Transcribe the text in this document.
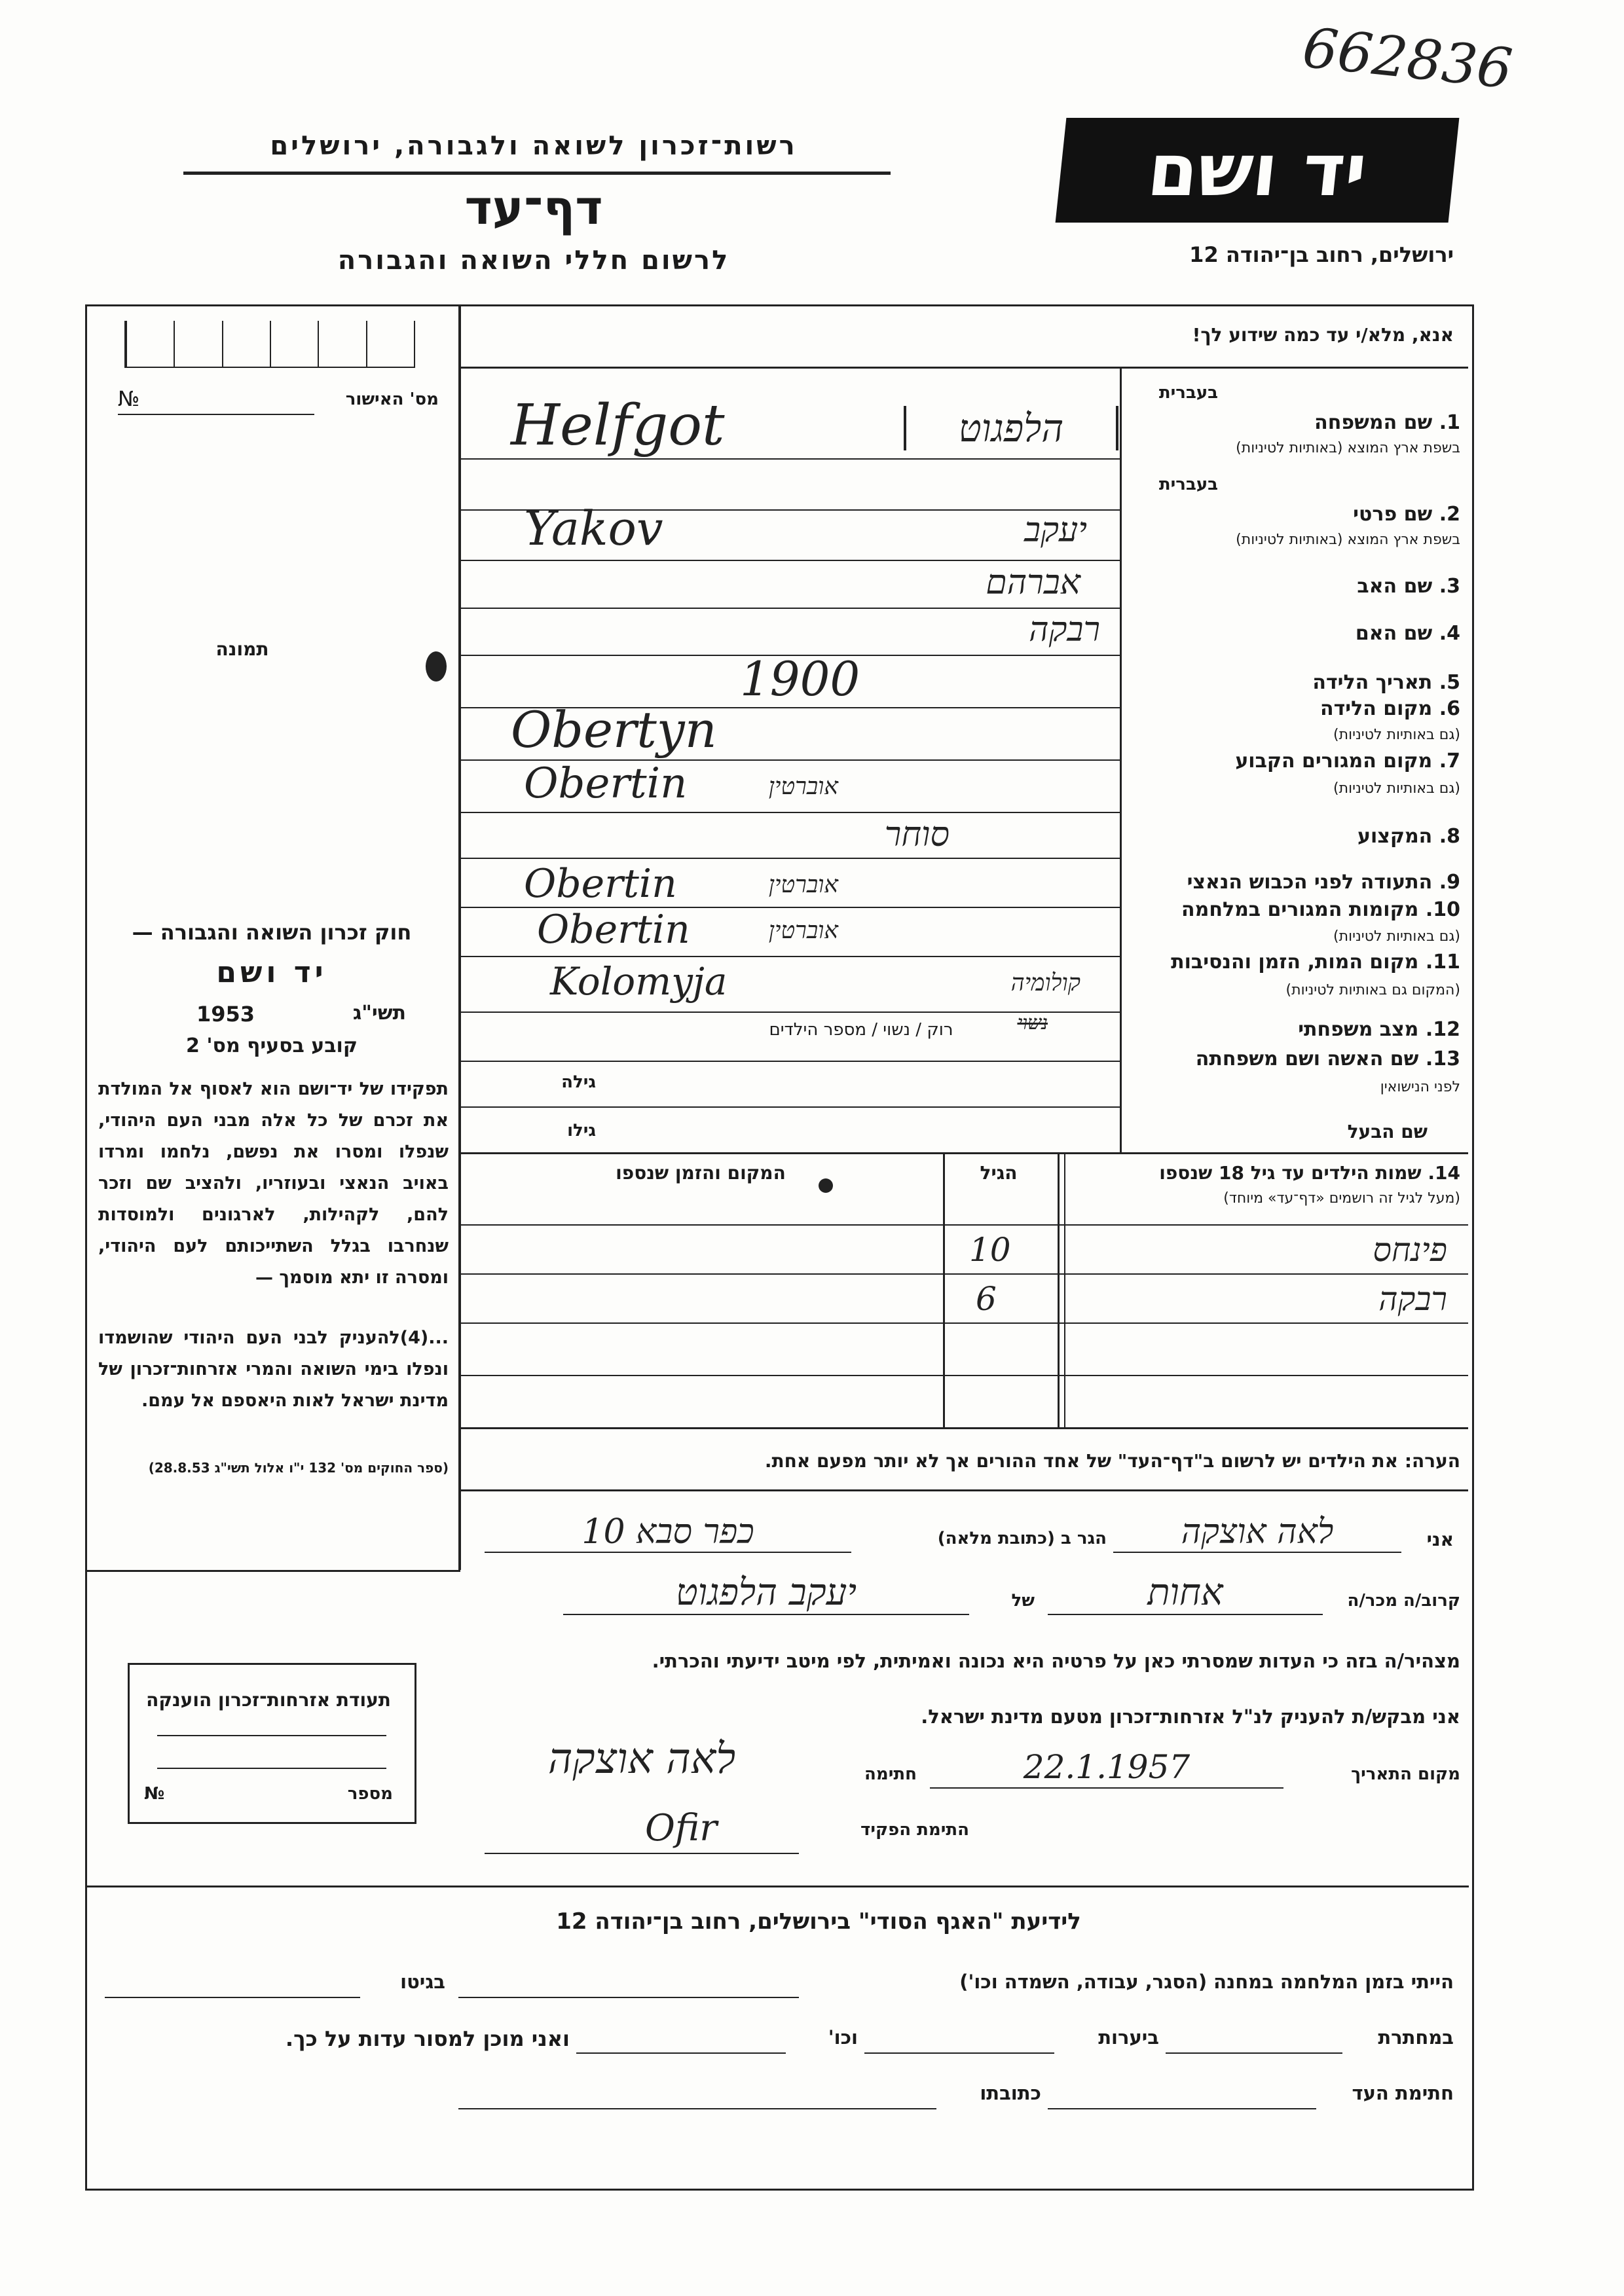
662836
רשות־זכרון לשואה ולגבורה, ירושלים
דף־עד
לרשום חללי השואה והגבורה
יד ושם
ירושלים, רחוב בן־יהודה 12
מס' האישור
№
תמונה
חוק זכרון השואה והגבורה —
יד ושם
תשי"ג
1953
קובע בסעיף מס' 2
תפקידו של יד־ושם הוא לאסוף אל המולדת את זכרם של כל אלה מבני העם היהודי, שנפלו ומסרו את נפשם, נלחמו ומרדו באויב הנאצי ובעוזריו, ולהציב שם וזכר להם, לקהילות, לארגונים ולמוסדות שנחרבו בגלל השתייכותם לעם היהודי, ומסרה זו יתא מוסמך —
...(4)להעניק לבני העם היהודי שהושמדו ונפלו בימי השואה והמרי אזרחות־זכרון של מדינת ישראל לאות היאספם אל עמם.
(ספר החוקים מס' 132 י"ו אלול תשי"ג 28.8.53)
אנא, מלא/י עד כמה שידוע לך!
בעברית
1. שם המשפחה
בשפת ארץ המוצא (באותיות לטיניות)
Helfgot	הלפגוט
בעברית
2. שם פרטי
בשפת ארץ המוצא (באותיות לטיניות)
Yakov	יעקב
3. שם האב
אברהם
4. שם האם
רבקה
5. תאריך הלידה
1900
6. מקום הלידה
(גם באותיות לטיניות)
Obertyn
7. מקום המגורים הקבוע
(גם באותיות לטיניות)
Obertin	אוברטין
8. המקצוע
סוחר
9. התעודה לפני הכבוש הנאצי
Obertin	אוברטין
10. מקומות המגורים במלחמה
(גם באותיות לטיניות)
Obertin	אוברטין
11. מקום המות, הזמן והנסיבות
(המקום גם באותיות לטיניות)
Kolomyja	קולומיה
12. מצב משפחתי
רוק / נשוי / מספר הילדים	נשוי
13. שם האשה ושם משפחתה
לפני הנישואין
גילה
שם הבעל
גילו
14. שמות הילדים עד גיל 18 שנספו
(מעל לגיל זה רושמים «דף־עד» מיוחד)
הגיל
המקום והזמן שנספו
פינחס
10
רבקה
6
הערה: את הילדים יש לרשום ב"דף־העד" של אחד ההורים אך לא יותר מפעם אחת.
אני
לאה אוצקה
הגר ב (כתובת מלאה)
כפר סבא 10
קרוב/ה מכר/ה
אחות
של
יעקב הלפגוט
מצהיר/ה בזה כי העדות שמסרתי כאן על פרטיה היא נכונה ואמיתית, לפי מיטב ידיעתי והכרתי.
תעודת אזרחות־זכרון הוענקה
מספר
№
אני מבקש/ת להעניק לנ"ל אזרחות־זכרון מטעם מדינת ישראל.
מקום התאריך
22.1.1957
חתימה
לאה אוצקה
התימת הפקיד
Ofir
לידיעת "האגף הסודי" בירושלים, רחוב בן־יהודה 12
הייתי בזמן המלחמה במחנה (הסגר, עבודה, השמדה וכו')
בגיטו
במחתרת
ביערות
וכו'
ואני מוכן למסור עדות על כך.
חתימת העד
כתובתו
